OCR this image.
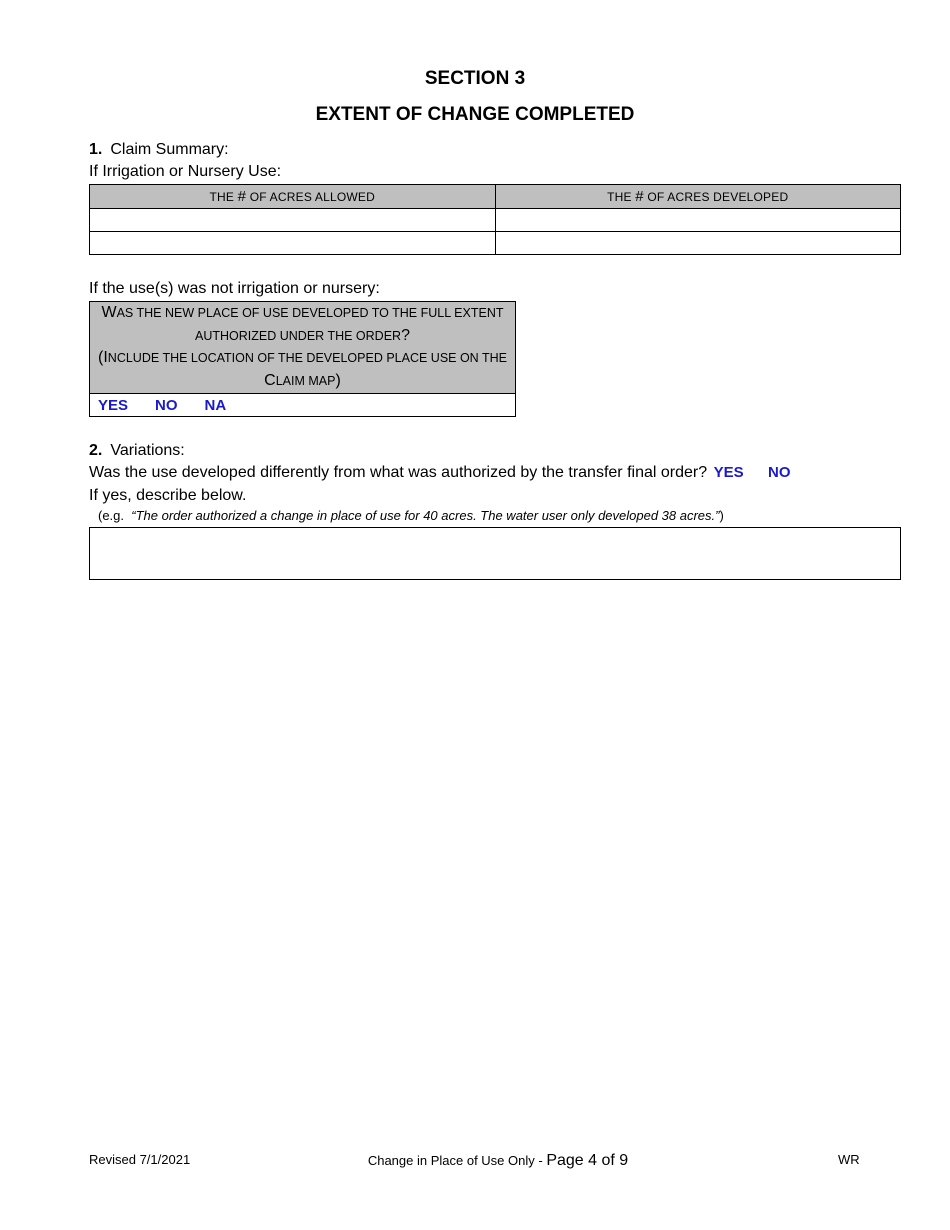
SECTION 3
EXTENT OF CHANGE COMPLETED
1. Claim Summary:
If Irrigation or Nursery Use:
THE # OF ACRES ALLOWED	THE # OF ACRES DEVELOPED

If the use(s) was not irrigation or nursery:
WAS THE NEW PLACE OF USE DEVELOPED TO THE FULL EXTENT
AUTHORIZED UNDER THE ORDER?
(INCLUDE THE LOCATION OF THE DEVELOPED PLACE USE ON THE
CLAIM MAP)
YES NO NA
2. Variations:
Was the use developed differently from what was authorized by the transfer final order? YES NO
If yes, describe below.
(e.g. “The order authorized a change in place of use for 40 acres. The water user only developed 38 acres.”)
Revised 7/1/2021	Change in Place of Use Only - Page 4 of 9	WR
